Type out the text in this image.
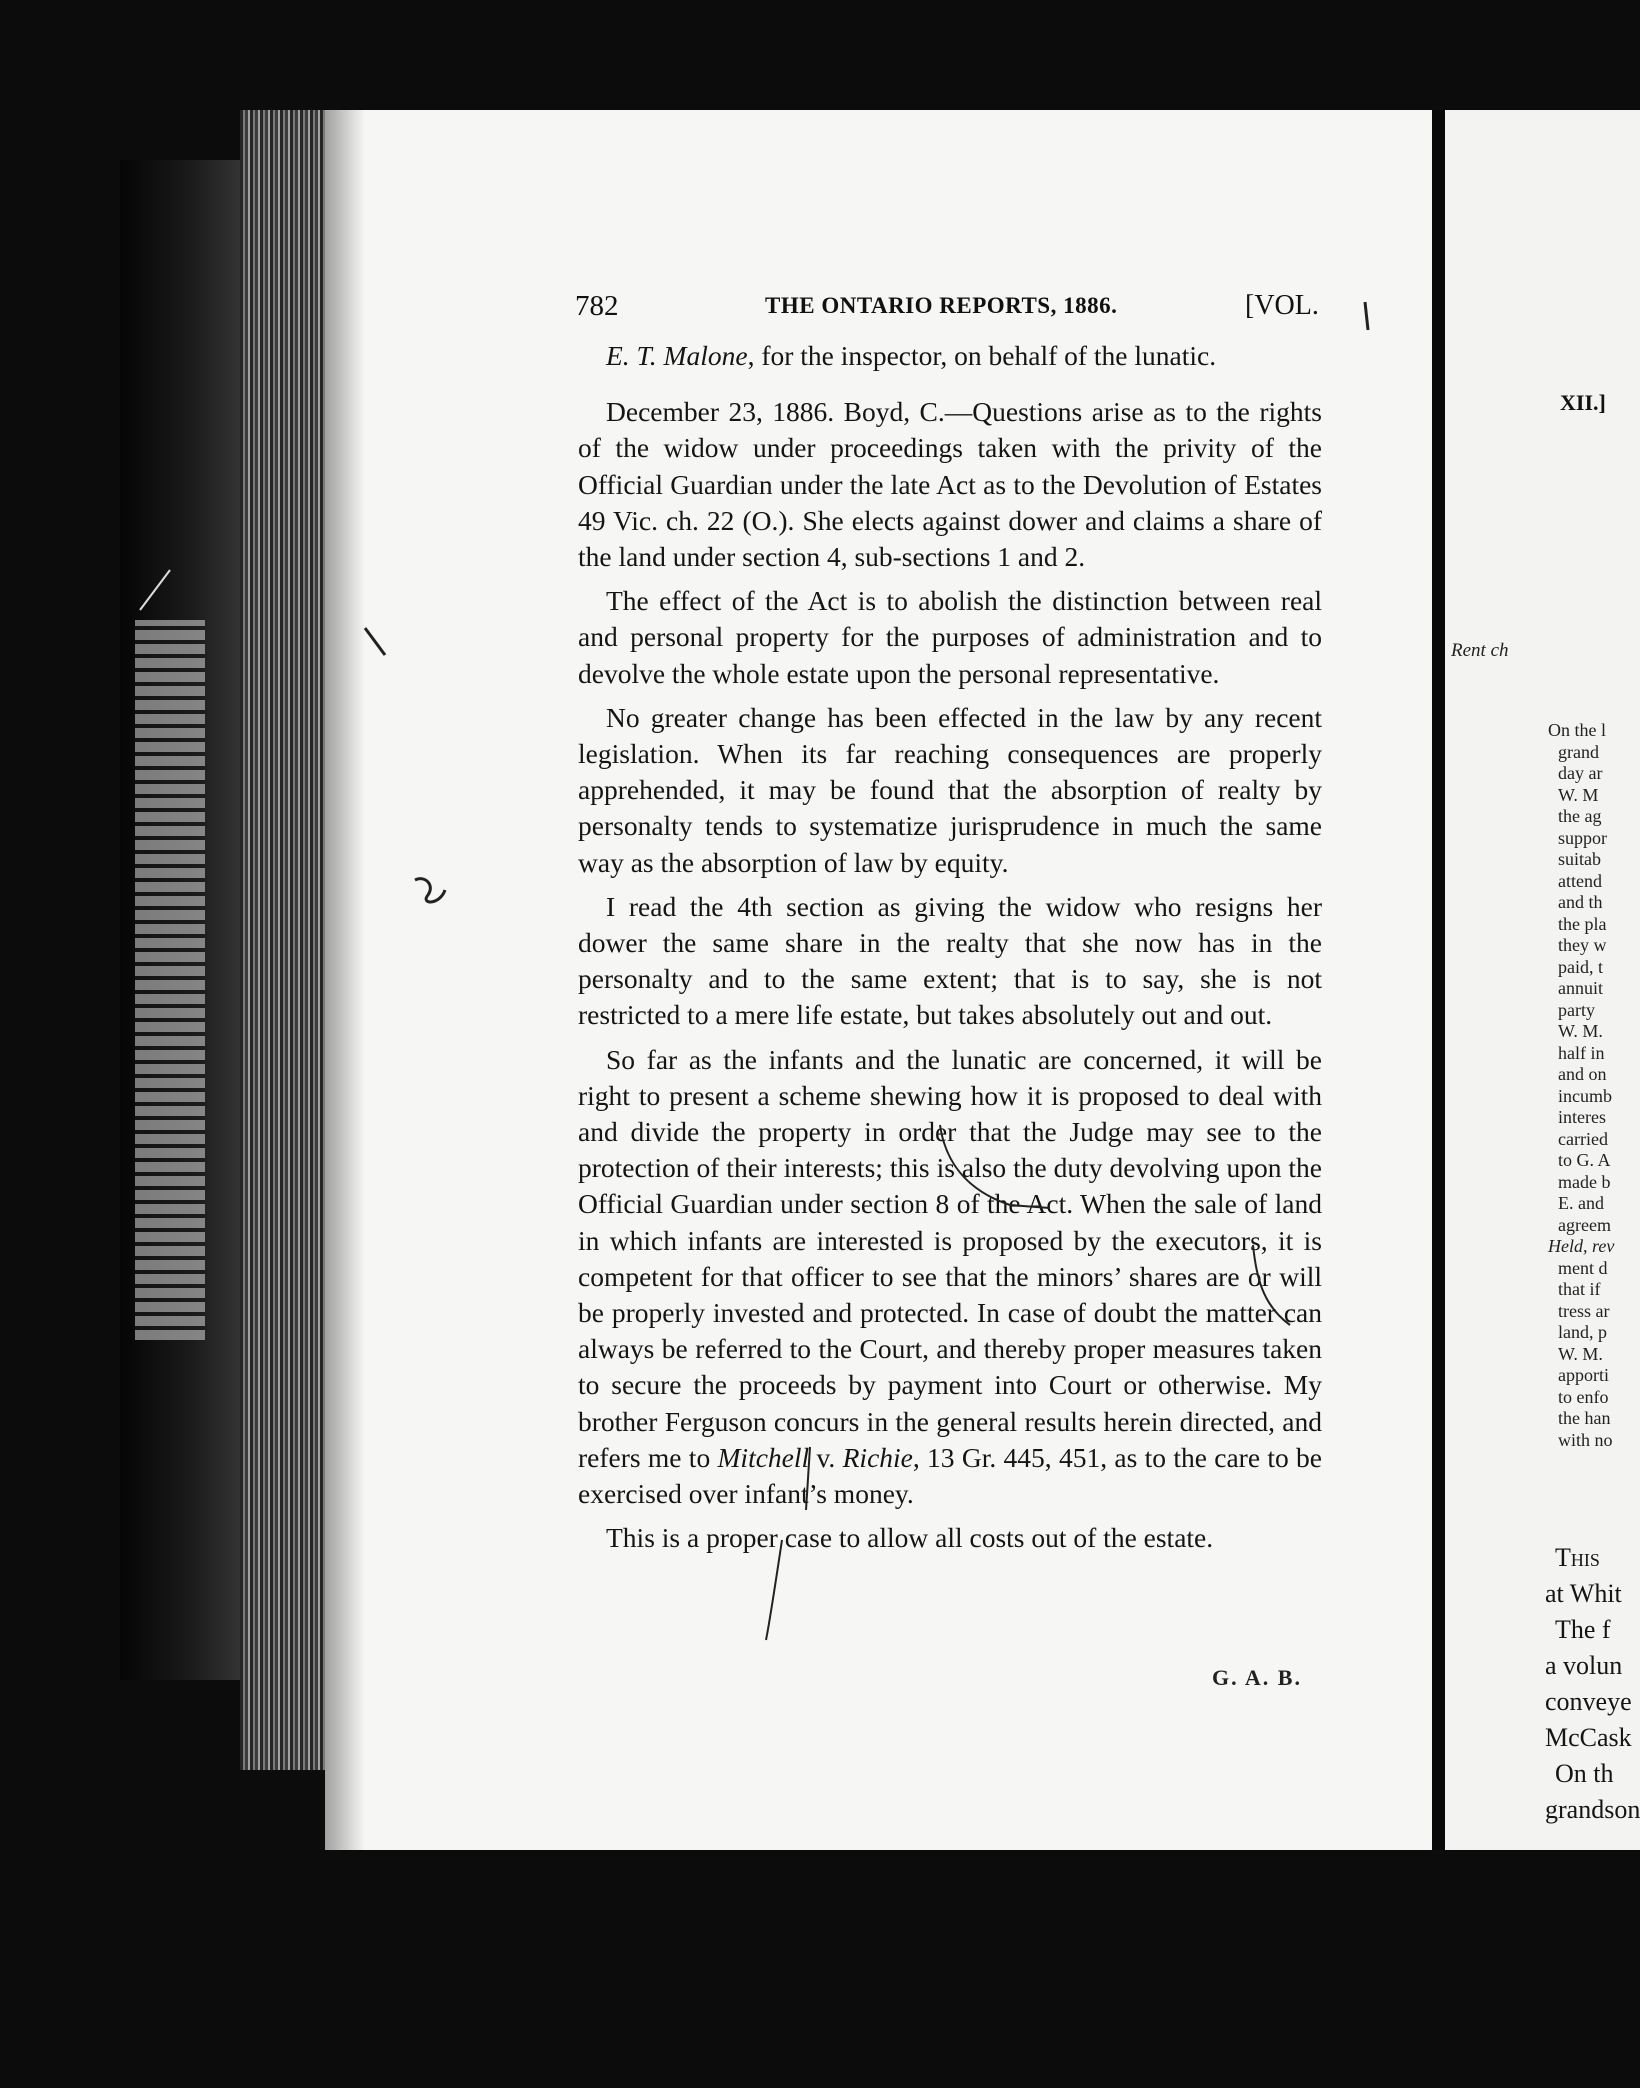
782	THE ONTARIO REPORTS, 1886.	[VOL.

E. T. Malone, for the inspector, on behalf of the lunatic.

December 23, 1886. Boyd, C.—Questions arise as to the rights of the widow under proceedings taken with the privity of the Official Guardian under the late Act as to the Devolution of Estates 49 Vic. ch. 22 (O.). She elects against dower and claims a share of the land under section 4, sub-sections 1 and 2.

The effect of the Act is to abolish the distinction between real and personal property for the purposes of administration and to devolve the whole estate upon the personal representative.

No greater change has been effected in the law by any recent legislation. When its far reaching consequences are properly apprehended, it may be found that the absorption of realty by personalty tends to systematize jurisprudence in much the same way as the absorption of law by equity.

I read the 4th section as giving the widow who resigns her dower the same share in the realty that she now has in the personalty and to the same extent; that is to say, she is not restricted to a mere life estate, but takes absolutely out and out.

So far as the infants and the lunatic are concerned, it will be right to present a scheme shewing how it is proposed to deal with and divide the property in order that the Judge may see to the protection of their interests; this is also the duty devolving upon the Official Guardian under section 8 of the Act. When the sale of land in which infants are interested is proposed by the executors, it is competent for that officer to see that the minors’ shares are or will be properly invested and protected. In case of doubt the matter can always be referred to the Court, and thereby proper measures taken to secure the proceeds by payment into Court or otherwise. My brother Ferguson concurs in the general results herein directed, and refers me to Mitchell v. Richie, 13 Gr. 445, 451, as to the care to be exercised over infant’s money.

This is a proper case to allow all costs out of the estate.

G. A. B.
XII.]
Rent ch
On the l
grand
day ar
W. M
the ag
suppor
suitab
attend
and th
the pla
they w
paid, t
annuit
party
W. M.
half in
and on
incumb
interes
carried
to G. A
made b
E. and
agreem
Held, rev
ment d
that if
tress ar
land, p
W. M.
apporti
to enfo
the han
with no
This
at Whit
The f
a volun
conveye
McCask
On th
grandson
